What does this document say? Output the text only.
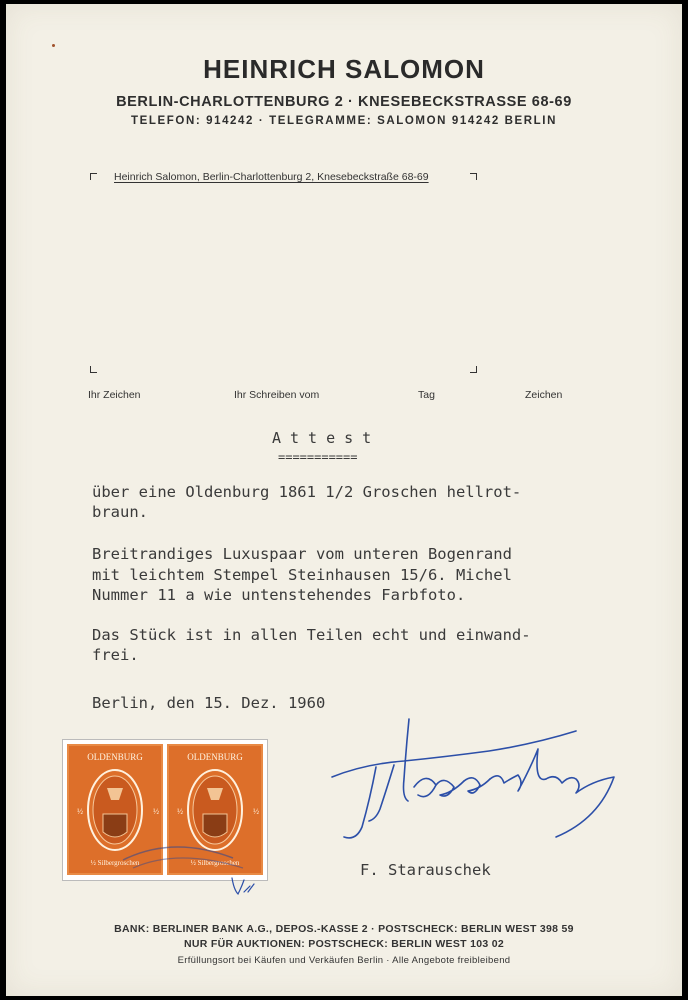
HEINRICH SALOMON
BERLIN-CHARLOTTENBURG 2 · KNESEBECKSTRASSE 68-69
TELEFON: 914242 · TELEGRAMME: SALOMON 914242 BERLIN
Heinrich Salomon, Berlin-Charlottenburg 2, Knesebeckstraße 68-69
Ihr Zeichen	Ihr Schreiben vom	Tag	Zeichen
Attest
===========
über eine Oldenburg 1861 1/2 Groschen hellrot-
braun.
Breitrandiges Luxuspaar vom unteren Bogenrand
mit leichtem Stempel Steinhausen 15/6. Michel
Nummer 11 a wie untenstehendes Farbfoto.
Das Stück ist in allen Teilen echt und einwand-
frei.
Berlin, den 15. Dez. 1960
OLDENBURG
½	½
½ Silbergroschen
OLDENBURG
½	½
½ Silbergroschen	F. Starauschek
BANK: BERLINER BANK A.G., DEPOS.-KASSE 2 · POSTSCHECK: BERLIN WEST 398 59
NUR FÜR AUKTIONEN: POSTSCHECK: BERLIN WEST 103 02
Erfüllungsort bei Käufen und Verkäufen Berlin · Alle Angebote freibleibend
